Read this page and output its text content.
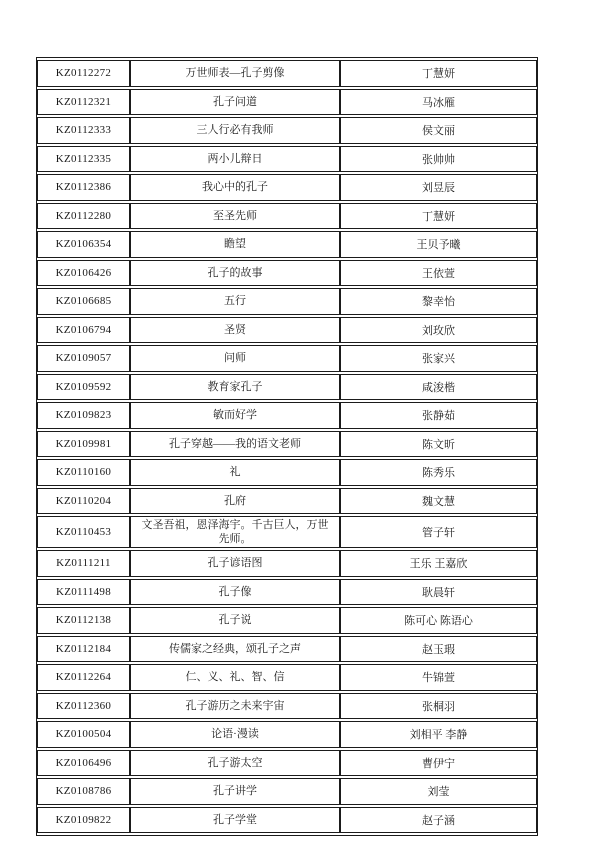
KZ0112272	万世师表—孔子剪像	丁慧妍
KZ0112321	孔子问道	马冰雁
KZ0112333	三人行必有我师	侯文丽
KZ0112335	两小儿辩日	张帅帅
KZ0112386	我心中的孔子	刘昱辰
KZ0112280	至圣先师	丁慧妍
KZ0106354	瞻望	王贝予曦
KZ0106426	孔子的故事	王依萱
KZ0106685	五行	黎幸怡
KZ0106794	圣贤	刘玫欣
KZ0109057	问师	张家兴
KZ0109592	教育家孔子	咸浚楷
KZ0109823	敏而好学	张静茹
KZ0109981	孔子穿越——我的语文老师	陈文昕
KZ0110160	礼	陈秀乐
KZ0110204	孔府	魏文慧
KZ0110453	文圣吾祖，恩泽海宇。千古巨人，万世先师。	管子轩
KZ0111211	孔子谚语图	王乐 王嘉欣
KZ0111498	孔子像	耿晨轩
KZ0112138	孔子说	陈可心 陈语心
KZ0112184	传儒家之经典，颂孔子之声	赵玉瑕
KZ0112264	仁、义、礼、智、信	牛锦萱
KZ0112360	孔子游历之未来宇宙	张桐羽
KZ0100504	论语·漫读	刘相平 李静
KZ0106496	孔子游太空	曹伊宁
KZ0108786	孔子讲学	刘莹
KZ0109822	孔子学堂	赵子涵
